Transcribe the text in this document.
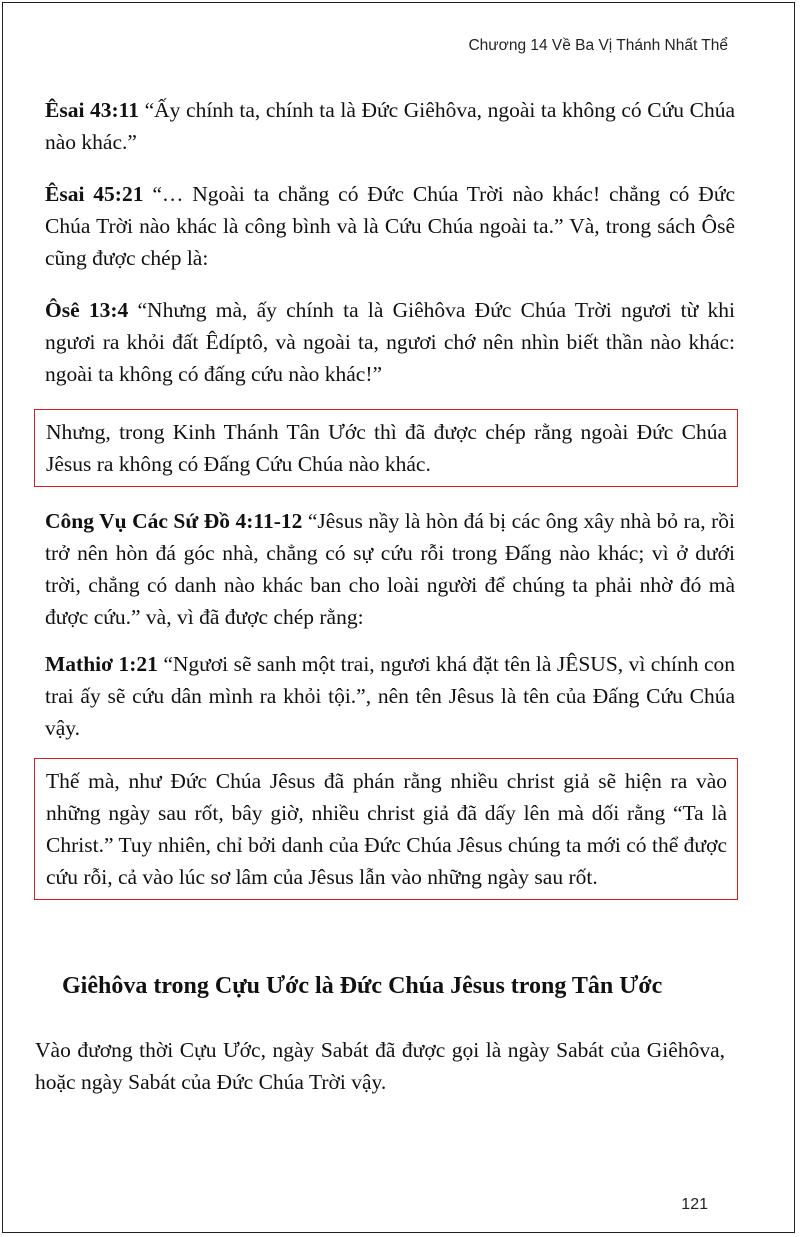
Chương 14 Về Ba Vị Thánh Nhất Thể

Êsai 43:11 “Ấy chính ta, chính ta là Đức Giêhôva, ngoài ta không có Cứu Chúa nào khác.”

Êsai 45:21 “… Ngoài ta chẳng có Đức Chúa Trời nào khác! chẳng có Đức Chúa Trời nào khác là công bình và là Cứu Chúa ngoài ta.” Và, trong sách Ôsê cũng được chép là:

Ôsê 13:4 “Nhưng mà, ấy chính ta là Giêhôva Đức Chúa Trời ngươi từ khi ngươi ra khỏi đất Êdíptô, và ngoài ta, ngươi chớ nên nhìn biết thần nào khác: ngoài ta không có đấng cứu nào khác!”

Nhưng, trong Kinh Thánh Tân Ước thì đã được chép rằng ngoài Đức Chúa Jêsus ra không có Đấng Cứu Chúa nào khác.

Công Vụ Các Sứ Đồ 4:11-12 “Jêsus nầy là hòn đá bị các ông xây nhà bỏ ra, rồi trở nên hòn đá góc nhà, chẳng có sự cứu rỗi trong Đấng nào khác; vì ở dưới trời, chẳng có danh nào khác ban cho loài người để chúng ta phải nhờ đó mà được cứu.” và, vì đã được chép rằng:

Mathiơ 1:21 “Ngươi sẽ sanh một trai, ngươi khá đặt tên là JÊSUS, vì chính con trai ấy sẽ cứu dân mình ra khỏi tội.”, nên tên Jêsus là tên của Đấng Cứu Chúa vậy.

Thế mà, như Đức Chúa Jêsus đã phán rằng nhiều christ giả sẽ hiện ra vào những ngày sau rốt, bây giờ, nhiều christ giả đã dấy lên mà dối rằng “Ta là Christ.” Tuy nhiên, chỉ bởi danh của Đức Chúa Jêsus chúng ta mới có thể được cứu rỗi, cả vào lúc sơ lâm của Jêsus lẫn vào những ngày sau rốt.

Giêhôva trong Cựu Ước là Đức Chúa Jêsus trong Tân Ước

Vào đương thời Cựu Ước, ngày Sabát đã được gọi là ngày Sabát của Giêhôva, hoặc ngày Sabát của Đức Chúa Trời vậy.

121
